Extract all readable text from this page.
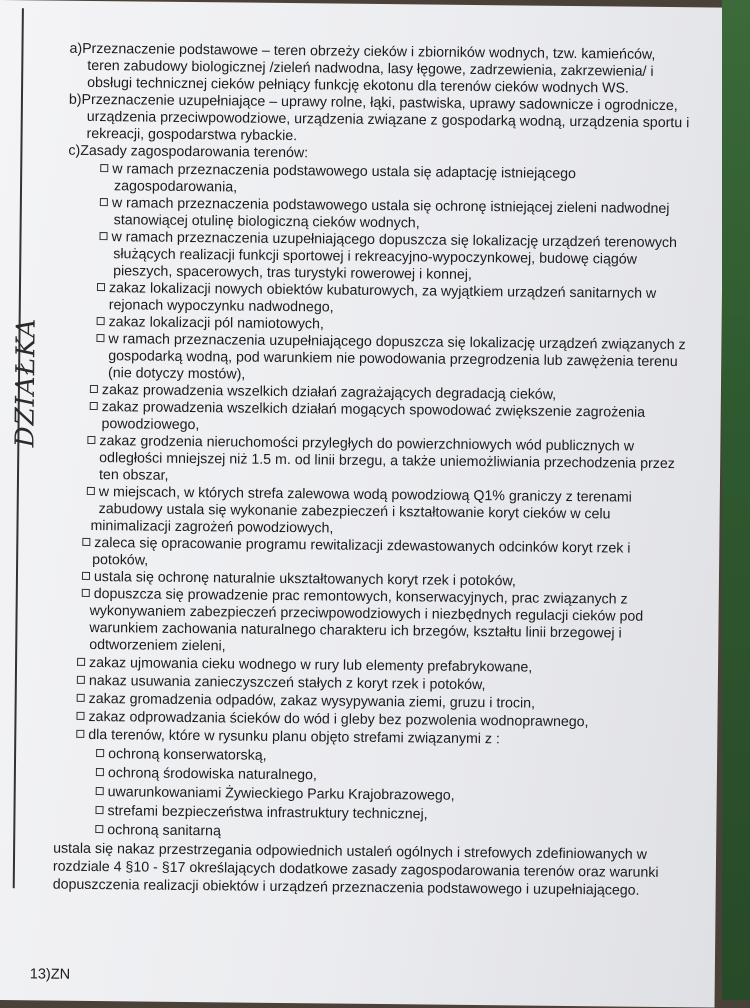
DZIAŁKA
a)Przeznaczenie podstawowe – teren obrzeży cieków i zbiorników wodnych, tzw. kamieńców,
teren zabudowy biologicznej /zieleń nadwodna, lasy łęgowe, zadrzewienia, zakrzewienia/ i
obsługi technicznej cieków pełniący funkcję ekotonu dla terenów cieków wodnych WS.
b)Przeznaczenie uzupełniające – uprawy rolne, łąki, pastwiska, uprawy sadownicze i ogrodnicze,
urządzenia przeciwpowodziowe, urządzenia związane z gospodarką wodną, urządzenia sportu i
rekreacji, gospodarstwa rybackie.
c)Zasady zagospodarowania terenów:
w ramach przeznaczenia podstawowego ustala się adaptację istniejącego
zagospodarowania,
w ramach przeznaczenia podstawowego ustala się ochronę istniejącej zieleni nadwodnej
stanowiącej otulinę biologiczną cieków wodnych,
w ramach przeznaczenia uzupełniającego dopuszcza się lokalizację urządzeń terenowych
służących realizacji funkcji sportowej i rekreacyjno-wypoczynkowej, budowę ciągów
pieszych, spacerowych, tras turystyki rowerowej i konnej,
zakaz lokalizacji nowych obiektów kubaturowych, za wyjątkiem urządzeń sanitarnych w
rejonach wypoczynku nadwodnego,
zakaz lokalizacji pól namiotowych,
w ramach przeznaczenia uzupełniającego dopuszcza się lokalizację urządzeń związanych z
gospodarką wodną, pod warunkiem nie powodowania przegrodzenia lub zawężenia terenu
(nie dotyczy mostów),
zakaz prowadzenia wszelkich działań zagrażających degradacją cieków,
zakaz prowadzenia wszelkich działań mogących spowodować zwiększenie zagrożenia
powodziowego,
zakaz grodzenia nieruchomości przyległych do powierzchniowych wód publicznych w
odległości mniejszej niż 1.5 m. od linii brzegu, a także uniemożliwiania przechodzenia przez
ten obszar,
w miejscach, w których strefa zalewowa wodą powodziową Q1% graniczy z terenami
zabudowy ustala się wykonanie zabezpieczeń i kształtowanie koryt cieków w celu
minimalizacji zagrożeń powodziowych,
zaleca się opracowanie programu rewitalizacji zdewastowanych odcinków koryt rzek i
potoków,
ustala się ochronę naturalnie ukształtowanych koryt rzek i potoków,
dopuszcza się prowadzenie prac remontowych, konserwacyjnych, prac związanych z
wykonywaniem zabezpieczeń przeciwpowodziowych i niezbędnych regulacji cieków pod
warunkiem zachowania naturalnego charakteru ich brzegów, kształtu linii brzegowej i
odtworzeniem zieleni,
zakaz ujmowania cieku wodnego w rury lub elementy prefabrykowane,
nakaz usuwania zanieczyszczeń stałych z koryt rzek i potoków,
zakaz gromadzenia odpadów, zakaz wysypywania ziemi, gruzu i trocin,
zakaz odprowadzania ścieków do wód i gleby bez pozwolenia wodnoprawnego,
dla terenów, które w rysunku planu objęto strefami związanymi z :
ochroną konserwatorską,
ochroną środowiska naturalnego,
uwarunkowaniami Żywieckiego Parku Krajobrazowego,
strefami bezpieczeństwa infrastruktury technicznej,
ochroną sanitarną
ustala się nakaz przestrzegania odpowiednich ustaleń ogólnych i strefowych zdefiniowanych w
rozdziale 4 §10 - §17 określających dodatkowe zasady zagospodarowania terenów oraz warunki
dopuszczenia realizacji obiektów i urządzeń przeznaczenia podstawowego i uzupełniającego.
13)ZN
